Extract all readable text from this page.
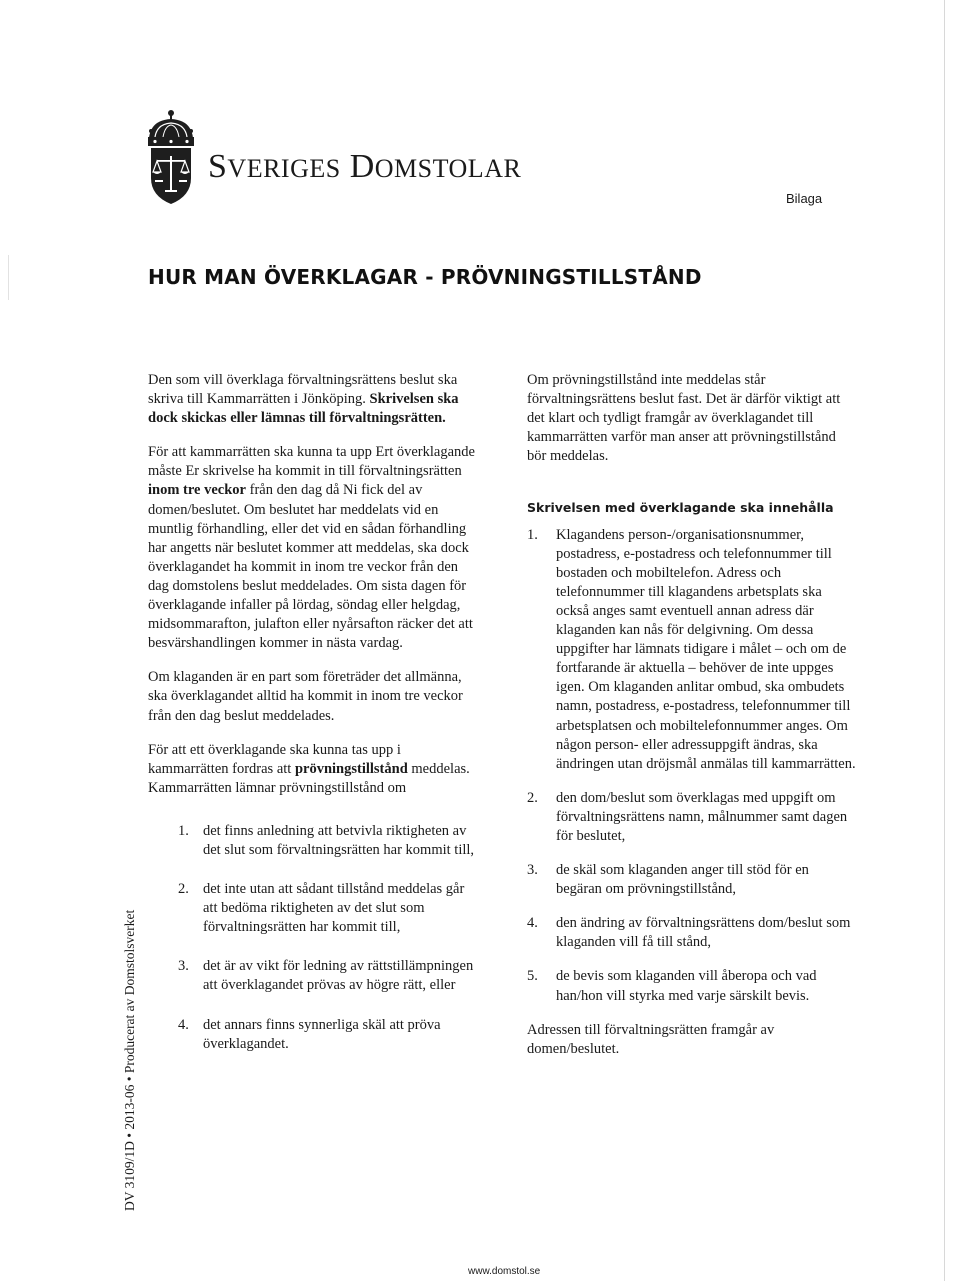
SVERIGES DOMSTOLAR
Bilaga
HUR MAN ÖVERKLAGAR - PRÖVNINGSTILLSTÅND

Den som vill överklaga förvaltningsrättens beslut ska skriva till Kammarrätten i Jönköping. Skrivelsen ska dock skickas eller lämnas till förvaltningsrätten.

För att kammarrätten ska kunna ta upp Ert överklagande måste Er skrivelse ha kommit in till förvaltningsrätten inom tre veckor från den dag då Ni fick del av domen/beslutet. Om beslutet har meddelats vid en muntlig förhandling, eller det vid en sådan förhandling har angetts när beslutet kommer att meddelas, ska dock överklagandet ha kommit in inom tre veckor från den dag domstolens beslut meddelades. Om sista dagen för överklagande infaller på lördag, söndag eller helgdag, midsommarafton, julafton eller nyårsafton räcker det att besvärshandlingen kommer in nästa vardag.

Om klaganden är en part som företräder det allmänna, ska överklagandet alltid ha kommit in inom tre veckor från den dag beslut meddelades.

För att ett överklagande ska kunna tas upp i kammarrätten fordras att prövningstillstånd meddelas. Kammarrätten lämnar prövningstillstånd om

1. det finns anledning att betvivla riktigheten av det slut som förvaltningsrätten har kommit till,
2. det inte utan att sådant tillstånd meddelas går att bedöma riktigheten av det slut som förvaltningsrätten har kommit till,
3. det är av vikt för ledning av rättstillämpningen att överklagandet prövas av högre rätt, eller
4. det annars finns synnerliga skäl att pröva överklagandet.

Om prövningstillstånd inte meddelas står förvaltningsrättens beslut fast. Det är därför viktigt att det klart och tydligt framgår av överklagandet till kammarrätten varför man anser att prövningstillstånd bör meddelas.

Skrivelsen med överklagande ska innehålla
1. Klagandens person-/organisationsnummer, postadress, e-postadress och telefonnummer till bostaden och mobiltelefon. Adress och telefonnummer till klagandens arbetsplats ska också anges samt eventuell annan adress där klaganden kan nås för delgivning. Om dessa uppgifter har lämnats tidigare i målet – och om de fortfarande är aktuella – behöver de inte uppges igen. Om klaganden anlitar ombud, ska ombudets namn, postadress, e-postadress, telefonnummer till arbetsplatsen och mobiltelefonnummer anges. Om någon person- eller adressuppgift ändras, ska ändringen utan dröjsmål anmälas till kammarrätten.
2. den dom/beslut som överklagas med uppgift om förvaltningsrättens namn, målnummer samt dagen för beslutet,
3. de skäl som klaganden anger till stöd för en begäran om prövningstillstånd,
4. den ändring av förvaltningsrättens dom/beslut som klaganden vill få till stånd,
5. de bevis som klaganden vill åberopa och vad han/hon vill styrka med varje särskilt bevis.

Adressen till förvaltningsrätten framgår av domen/beslutet.

DV 3109/1D • 2013-06 • Producerat av Domstolsverket
www.domstol.se
